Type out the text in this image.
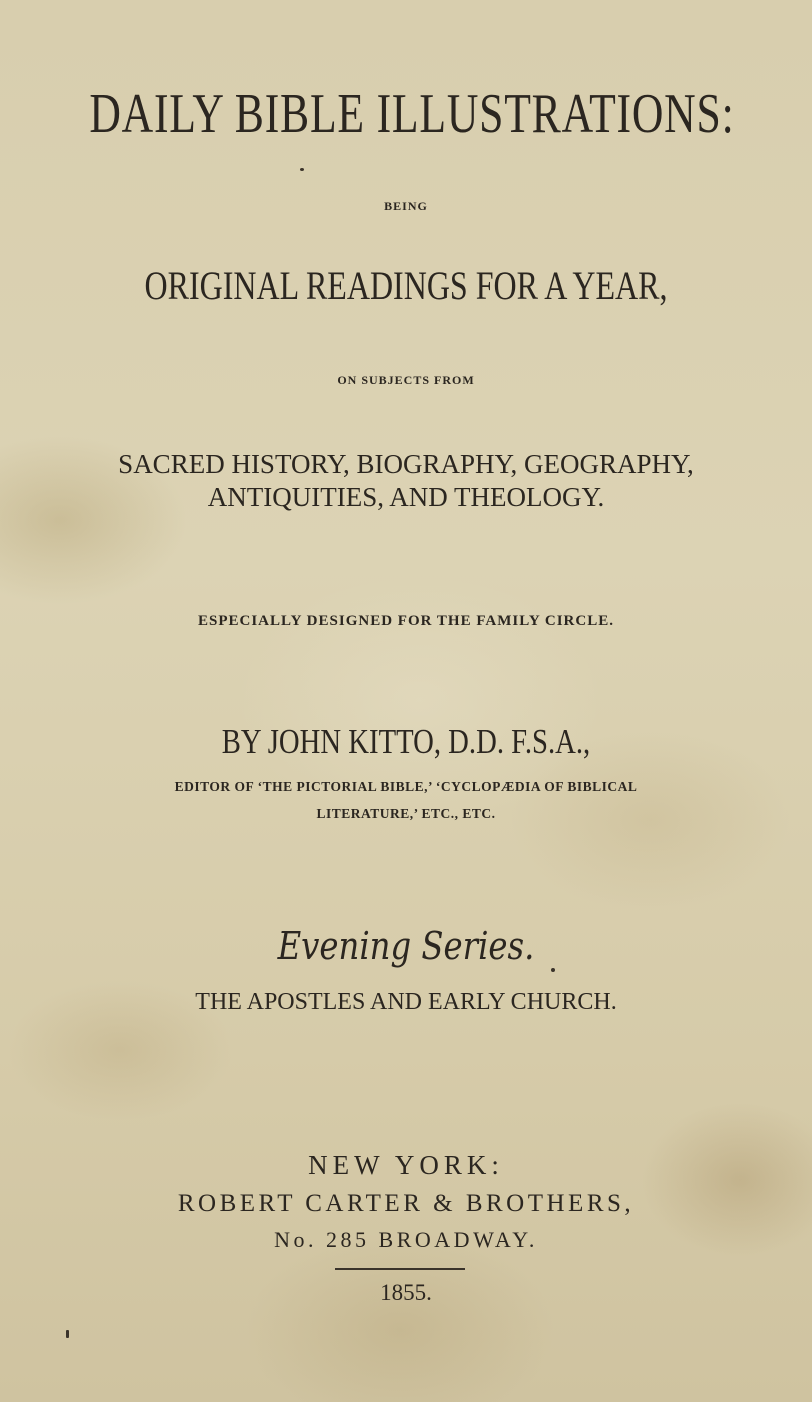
DAILY BIBLE ILLUSTRATIONS:
BEING
ORIGINAL READINGS FOR A YEAR,
ON SUBJECTS FROM
SACRED HISTORY, BIOGRAPHY, GEOGRAPHY,
ANTIQUITIES, AND THEOLOGY.
ESPECIALLY DESIGNED FOR THE FAMILY CIRCLE.
BY JOHN KITTO, D.D. F.S.A.,
EDITOR OF ‘THE PICTORIAL BIBLE,’ ‘CYCLOPÆDIA OF BIBLICAL
LITERATURE,’ ETC., ETC.
Evening Series.
THE APOSTLES AND EARLY CHURCH.
NEW YORK:
ROBERT CARTER & BROTHERS,
No. 285 BROADWAY.
1855.
